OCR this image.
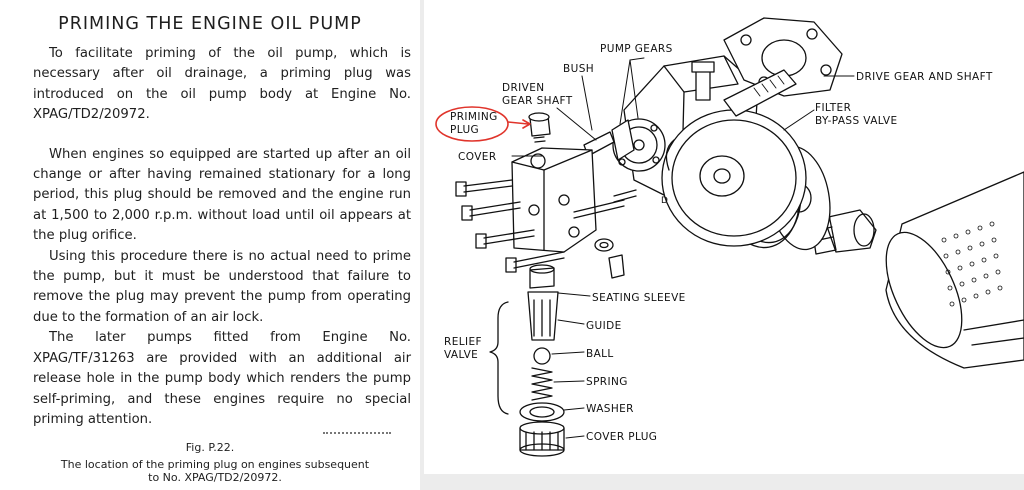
PRIMING THE ENGINE OIL PUMP

To facilitate priming of the oil pump, which is necessary after oil drainage, a priming plug was introduced on the oil pump body at Engine No. XPAG/TD2/20972.

When engines so equipped are started up after an oil change or after having remained stationary for a long period, this plug should be removed and the engine run at 1,500 to 2,000 r.p.m. without load until oil appears at the plug orifice.

Using this procedure there is no actual need to prime the pump, but it must be understood that failure to remove the plug may prevent the pump from operating due to the formation of an air lock.

The later pumps fitted from Engine No. XPAG/TF/31263 are provided with an additional air release hole in the pump body which renders the pump self-priming, and these engines require no special priming attention.

Fig. P.22.
The location of the priming plug on engines subsequent
to No. XPAG/TD2/20972.
D
PUMP GEARS
BUSH
DRIVEN
GEAR SHAFT
PRIMING
PLUG
COVER
DRIVE GEAR AND SHAFT
FILTER
BY-PASS VALVE
SEATING SLEEVE
GUIDE
RELIEF
VALVE	BALL
SPRING
WASHER
COVER PLUG
